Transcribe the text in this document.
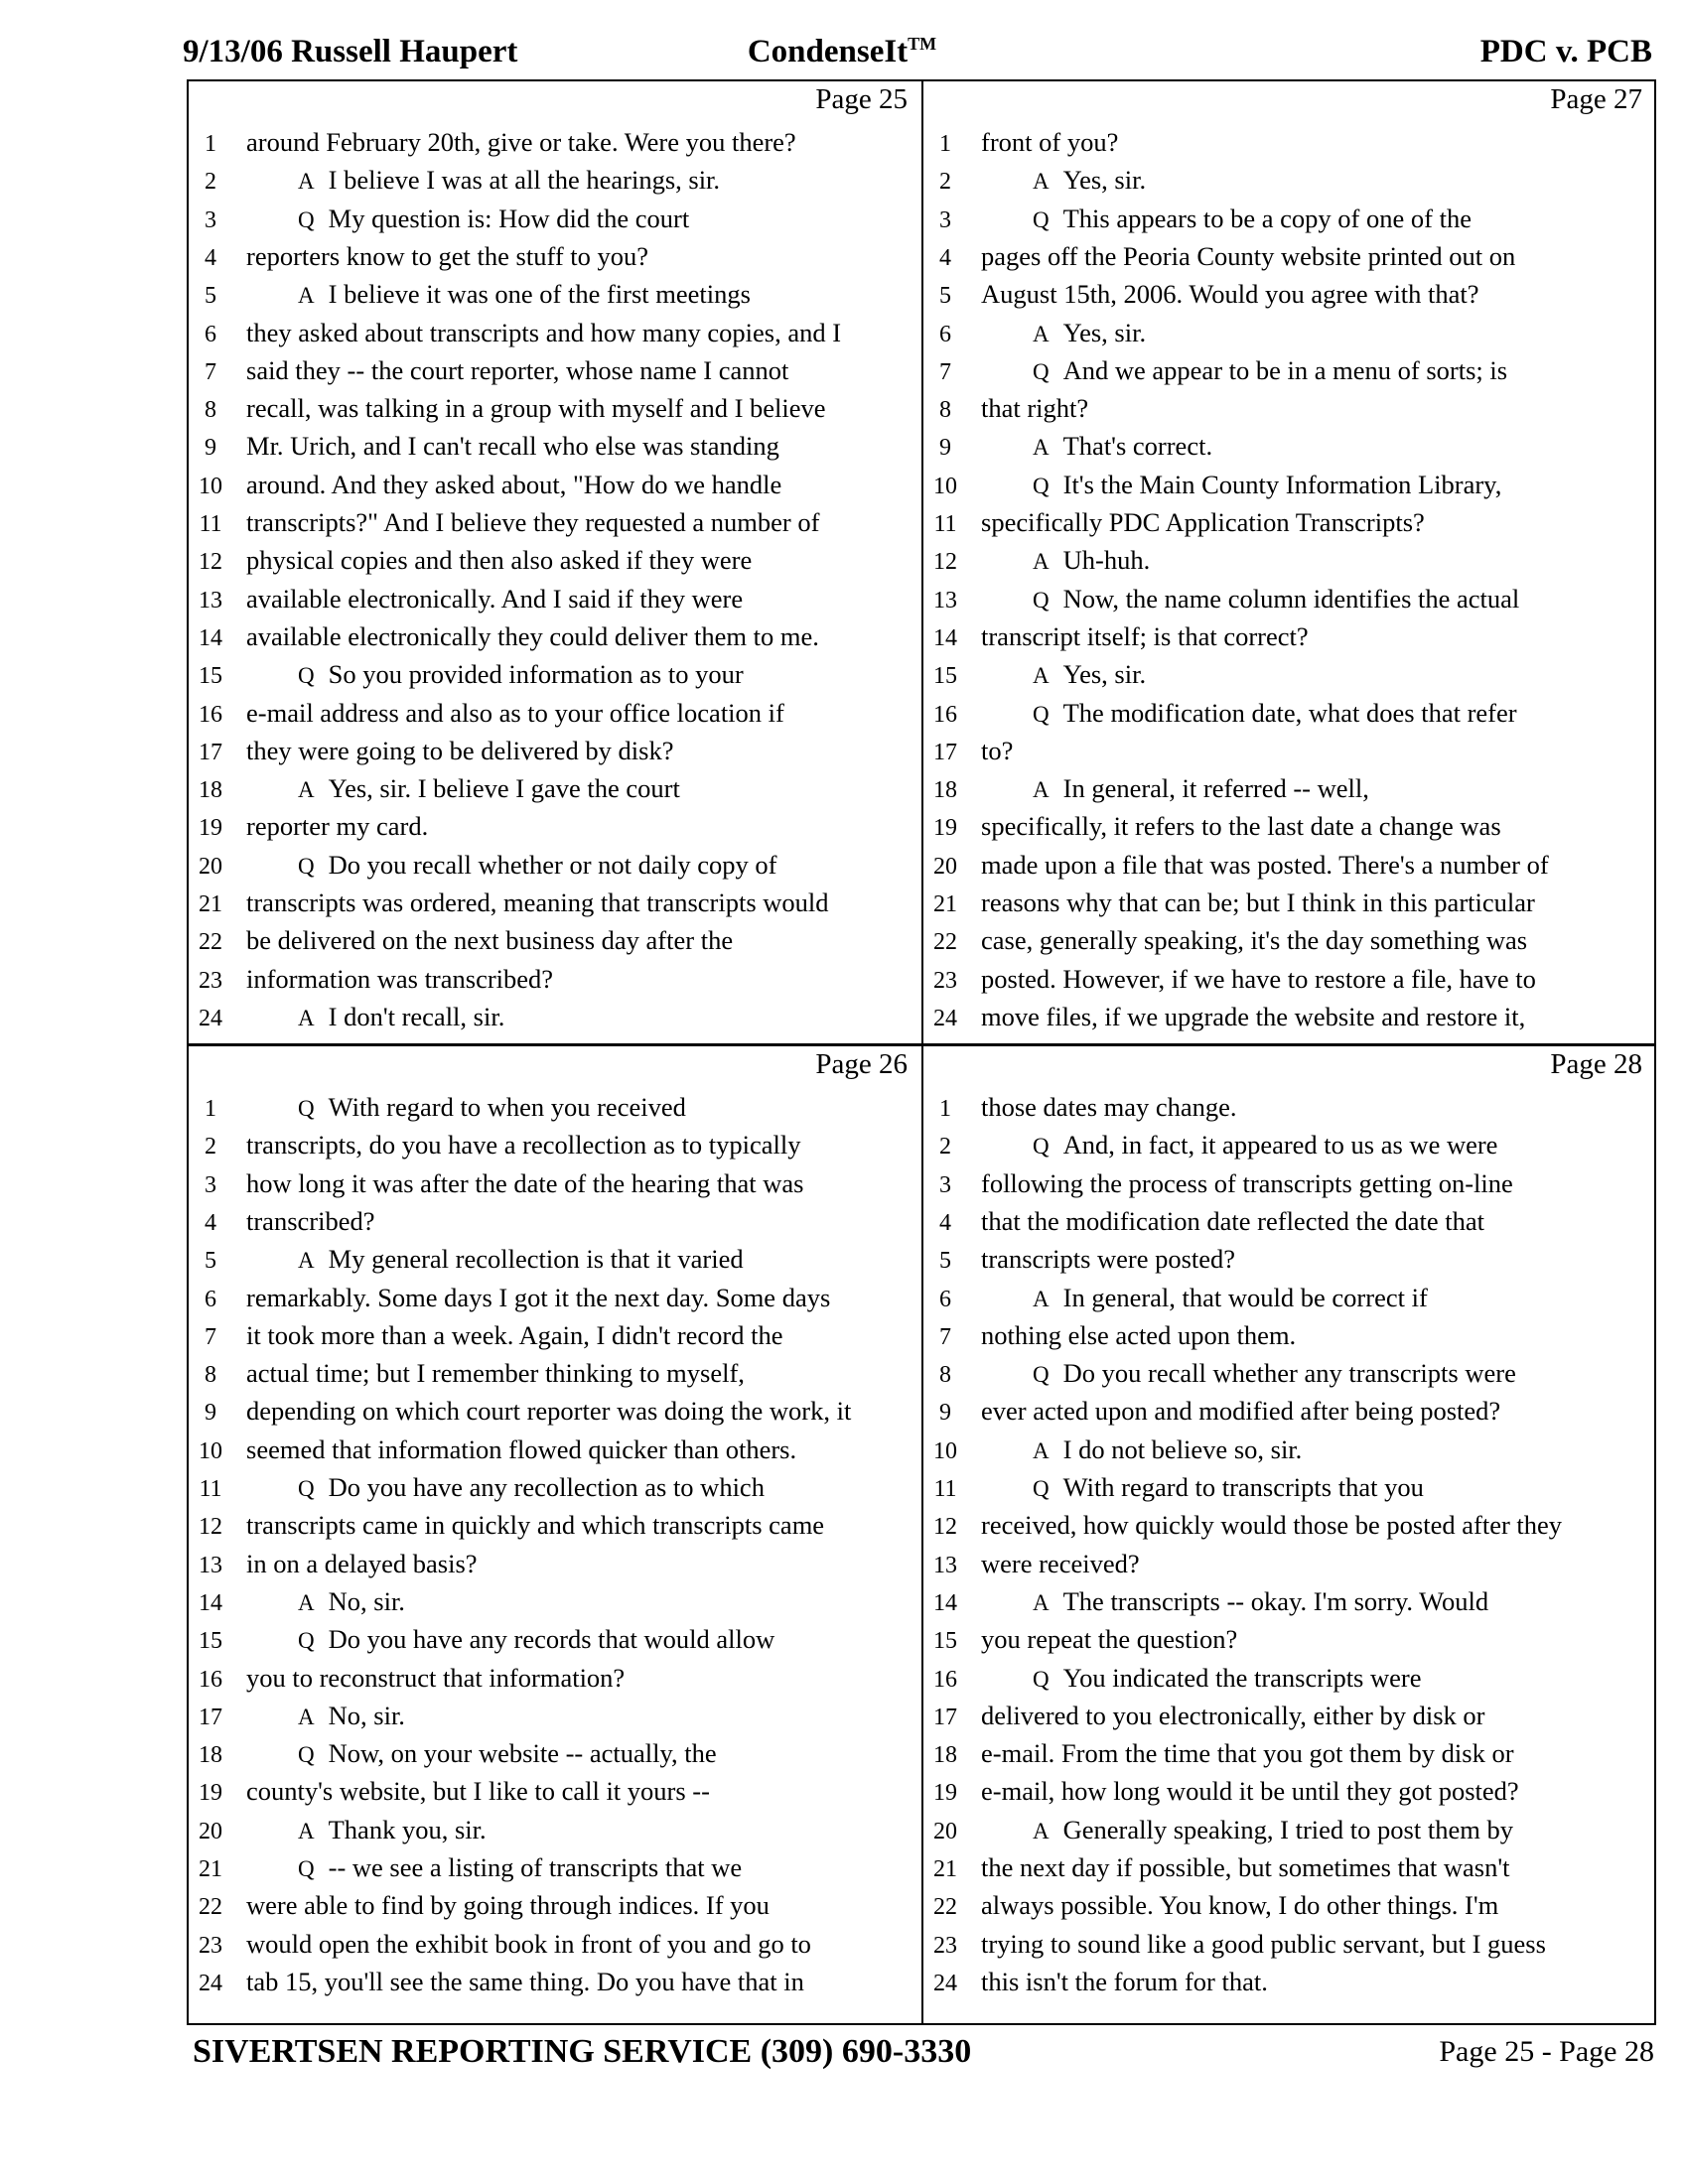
9/13/06 Russell Haupert	CondenseIt™	PDC v. PCB
Page 25
1 around February 20th, give or take. Were you there?
2	A I believe I was at all the hearings, sir.
3	Q My question is: How did the court
4 reporters know to get the stuff to you?
5	A I believe it was one of the first meetings
6 they asked about transcripts and how many copies, and I
7 said they -- the court reporter, whose name I cannot
8 recall, was talking in a group with myself and I believe
9 Mr. Urich, and I can't recall who else was standing
10 around. And they asked about, "How do we handle
11 transcripts?" And I believe they requested a number of
12 physical copies and then also asked if they were
13 available electronically. And I said if they were
14 available electronically they could deliver them to me.
15	Q So you provided information as to your
16 e-mail address and also as to your office location if
17 they were going to be delivered by disk?
18	A Yes, sir. I believe I gave the court
19 reporter my card.
20	Q Do you recall whether or not daily copy of
21 transcripts was ordered, meaning that transcripts would
22 be delivered on the next business day after the
23 information was transcribed?
24	A I don't recall, sir.
Page 27
1 front of you?
2	A Yes, sir.
3	Q This appears to be a copy of one of the
4 pages off the Peoria County website printed out on
5 August 15th, 2006. Would you agree with that?
6	A Yes, sir.
7	Q And we appear to be in a menu of sorts; is
8 that right?
9	A That's correct.
10	Q It's the Main County Information Library,
11 specifically PDC Application Transcripts?
12	A Uh-huh.
13	Q Now, the name column identifies the actual
14 transcript itself; is that correct?
15	A Yes, sir.
16	Q The modification date, what does that refer
17 to?
18	A In general, it referred -- well,
19 specifically, it refers to the last date a change was
20 made upon a file that was posted. There's a number of
21 reasons why that can be; but I think in this particular
22 case, generally speaking, it's the day something was
23 posted. However, if we have to restore a file, have to
24 move files, if we upgrade the website and restore it,
Page 26
1	Q With regard to when you received
2 transcripts, do you have a recollection as to typically
3 how long it was after the date of the hearing that was
4 transcribed?
5	A My general recollection is that it varied
6 remarkably. Some days I got it the next day. Some days
7 it took more than a week. Again, I didn't record the
8 actual time; but I remember thinking to myself,
9 depending on which court reporter was doing the work, it
10 seemed that information flowed quicker than others.
11	Q Do you have any recollection as to which
12 transcripts came in quickly and which transcripts came
13 in on a delayed basis?
14	A No, sir.
15	Q Do you have any records that would allow
16 you to reconstruct that information?
17	A No, sir.
18	Q Now, on your website -- actually, the
19 county's website, but I like to call it yours --
20	A Thank you, sir.
21	Q -- we see a listing of transcripts that we
22 were able to find by going through indices. If you
23 would open the exhibit book in front of you and go to
24 tab 15, you'll see the same thing. Do you have that in
Page 28
1 those dates may change.
2	Q And, in fact, it appeared to us as we were
3 following the process of transcripts getting on-line
4 that the modification date reflected the date that
5 transcripts were posted?
6	A In general, that would be correct if
7 nothing else acted upon them.
8	Q Do you recall whether any transcripts were
9 ever acted upon and modified after being posted?
10	A I do not believe so, sir.
11	Q With regard to transcripts that you
12 received, how quickly would those be posted after they
13 were received?
14	A The transcripts -- okay. I'm sorry. Would
15 you repeat the question?
16	Q You indicated the transcripts were
17 delivered to you electronically, either by disk or
18 e-mail. From the time that you got them by disk or
19 e-mail, how long would it be until they got posted?
20	A Generally speaking, I tried to post them by
21 the next day if possible, but sometimes that wasn't
22 always possible. You know, I do other things. I'm
23 trying to sound like a good public servant, but I guess
24 this isn't the forum for that.
SIVERTSEN REPORTING SERVICE (309) 690-3330	Page 25 - Page 28
